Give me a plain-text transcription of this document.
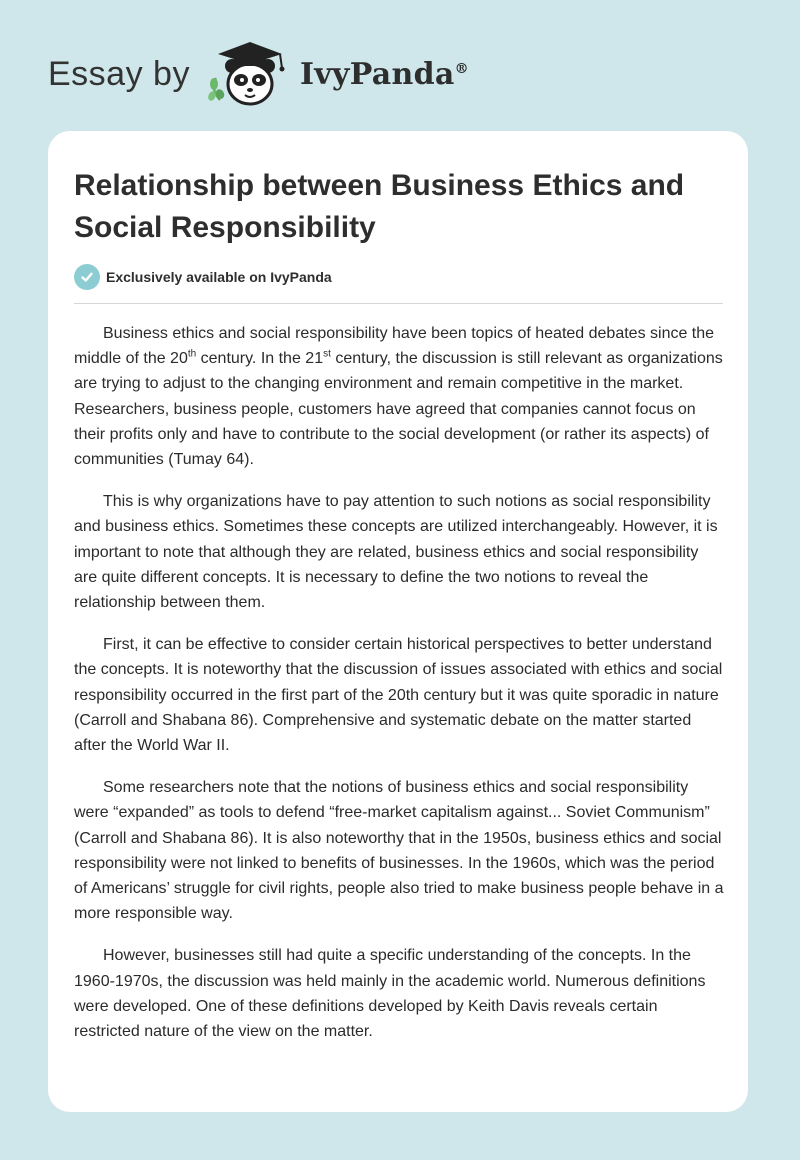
Essay by	IvyPanda®
Relationship between Business Ethics and Social Responsibility
Exclusively available on IvyPanda

Business ethics and social responsibility have been topics of heated debates since the middle of the 20th century. In the 21st century, the discussion is still relevant as organizations are trying to adjust to the changing environment and remain competitive in the market. Researchers, business people, customers have agreed that companies cannot focus on their profits only and have to contribute to the social development (or rather its aspects) of communities (Tumay 64).

This is why organizations have to pay attention to such notions as social responsibility and business ethics. Sometimes these concepts are utilized interchangeably. However, it is important to note that although they are related, business ethics and social responsibility are quite different concepts. It is necessary to define the two notions to reveal the relationship between them.

First, it can be effective to consider certain historical perspectives to better understand the concepts. It is noteworthy that the discussion of issues associated with ethics and social responsibility occurred in the first part of the 20th century but it was quite sporadic in nature (Carroll and Shabana 86). Comprehensive and systematic debate on the matter started after the World War II.

Some researchers note that the notions of business ethics and social responsibility were “expanded” as tools to defend “free-market capitalism against... Soviet Communism” (Carroll and Shabana 86). It is also noteworthy that in the 1950s, business ethics and social responsibility were not linked to benefits of businesses. In the 1960s, which was the period of Americans’ struggle for civil rights, people also tried to make business people behave in a more responsible way.

However, businesses still had quite a specific understanding of the concepts. In the 1960-1970s, the discussion was held mainly in the academic world. Numerous definitions were developed. One of these definitions developed by Keith Davis reveals certain restricted nature of the view on the matter.
